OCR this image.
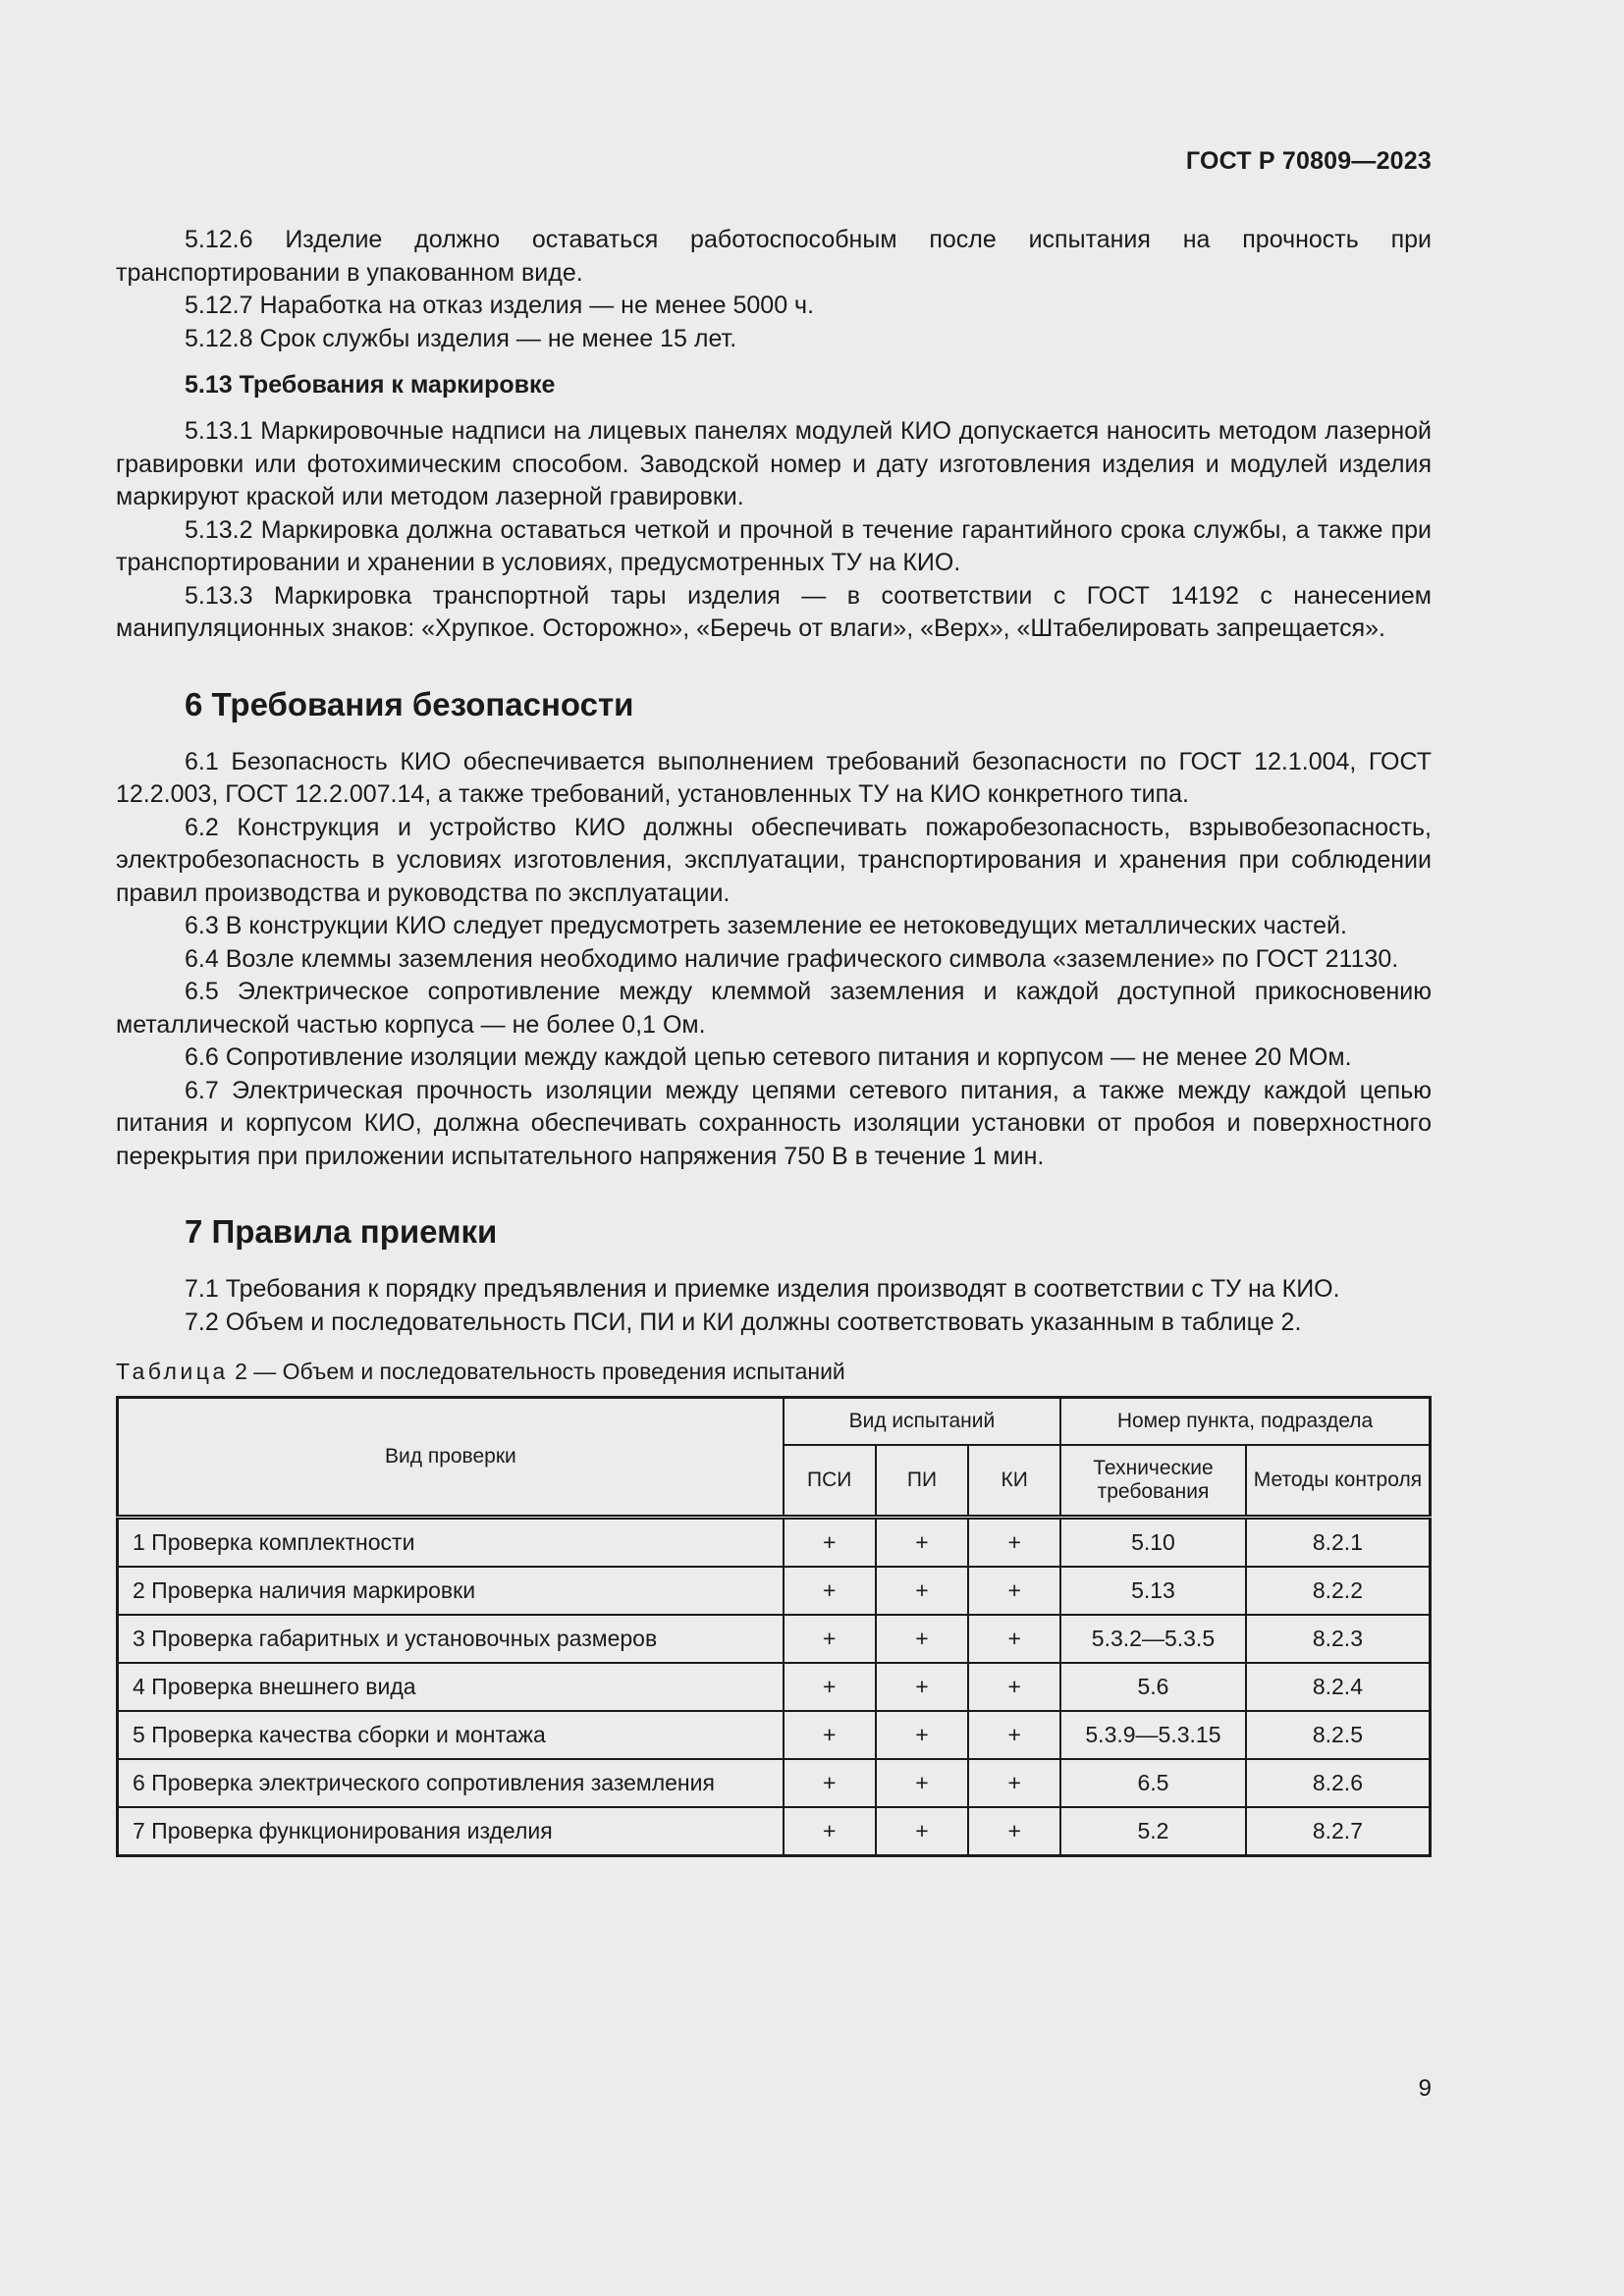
ГОСТ Р 70809—2023

5.12.6 Изделие должно оставаться работоспособным после испытания на прочность при транспортировании в упакованном виде.

5.12.7 Наработка на отказ изделия — не менее 5000 ч.

5.12.8 Срок службы изделия — не менее 15 лет.

5.13 Требования к маркировке

5.13.1 Маркировочные надписи на лицевых панелях модулей КИО допускается наносить методом лазерной гравировки или фотохимическим способом. Заводской номер и дату изготовления изделия и модулей изделия маркируют краской или методом лазерной гравировки.

5.13.2 Маркировка должна оставаться четкой и прочной в течение гарантийного срока службы, а также при транспортировании и хранении в условиях, предусмотренных ТУ на КИО.

5.13.3 Маркировка транспортной тары изделия — в соответствии с ГОСТ 14192 с нанесением манипуляционных знаков: «Хрупкое. Осторожно», «Беречь от влаги», «Верх», «Штабелировать запрещается».

6 Требования безопасности

6.1 Безопасность КИО обеспечивается выполнением требований безопасности по ГОСТ 12.1.004, ГОСТ 12.2.003, ГОСТ 12.2.007.14, а также требований, установленных ТУ на КИО конкретного типа.

6.2 Конструкция и устройство КИО должны обеспечивать пожаробезопасность, взрывобезопасность, электробезопасность в условиях изготовления, эксплуатации, транспортирования и хранения при соблюдении правил производства и руководства по эксплуатации.

6.3 В конструкции КИО следует предусмотреть заземление ее нетоковедущих металлических частей.

6.4 Возле клеммы заземления необходимо наличие графического символа «заземление» по ГОСТ 21130.

6.5 Электрическое сопротивление между клеммой заземления и каждой доступной прикосновению металлической частью корпуса — не более 0,1 Ом.

6.6 Сопротивление изоляции между каждой цепью сетевого питания и корпусом — не менее 20 МОм.

6.7 Электрическая прочность изоляции между цепями сетевого питания, а также между каждой цепью питания и корпусом КИО, должна обеспечивать сохранность изоляции установки от пробоя и поверхностного перекрытия при приложении испытательного напряжения 750 В в течение 1 мин.

7 Правила приемки

7.1 Требования к порядку предъявления и приемке изделия производят в соответствии с ТУ на КИО.

7.2 Объем и последовательность ПСИ, ПИ и КИ должны соответствовать указанным в таблице 2.

Таблица 2 — Объем и последовательность проведения испытаний
Вид проверки	Вид испытаний			Номер пункта, подраздела	
	ПСИ	ПИ	КИ	Технические требования	Методы контроля
1 Проверка комплектности	+	+	+	5.10	8.2.1
2 Проверка наличия маркировки	+	+	+	5.13	8.2.2
3 Проверка габаритных и установочных размеров	+	+	+	5.3.2—5.3.5	8.2.3
4 Проверка внешнего вида	+	+	+	5.6	8.2.4
5 Проверка качества сборки и монтажа	+	+	+	5.3.9—5.3.15	8.2.5
6 Проверка электрического сопротивления заземления	+	+	+	6.5	8.2.6
7 Проверка функционирования изделия	+	+	+	5.2	8.2.7
9
